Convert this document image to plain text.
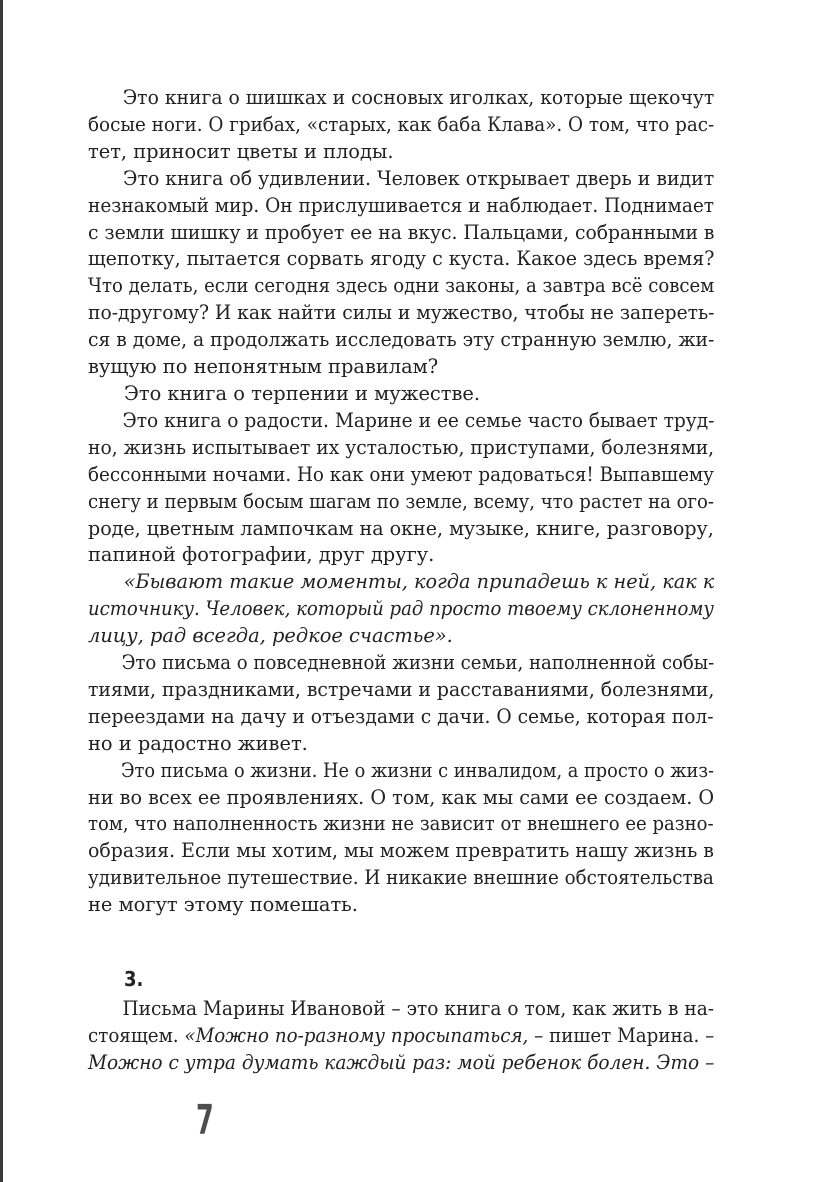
Это книга о шишках и сосновых иголках, которые щекочут
босые ноги. О грибах, «старых, как баба Клава». О том, что рас-
тет, приносит цветы и плоды.

Это книга об удивлении. Человек открывает дверь и видит
незнакомый мир. Он прислушивается и наблюдает. Поднимает
с земли шишку и пробует ее на вкус. Пальцами, собранными в
щепотку, пытается сорвать ягоду с куста. Какое здесь время?
Что делать, если сегодня здесь одни законы, а завтра всё совсем
по-другому? И как найти силы и мужество, чтобы не запереть-
ся в доме, а продолжать исследовать эту странную землю, жи-
вущую по непонятным правилам?

Это книга о терпении и мужестве.

Это книга о радости. Марине и ее семье часто бывает труд-
но, жизнь испытывает их усталостью, приступами, болезнями,
бессонными ночами. Но как они умеют радоваться! Выпавшему
снегу и первым босым шагам по земле, всему, что растет на ого-
роде, цветным лампочкам на окне, музыке, книге, разговору,
папиной фотографии, друг другу.

«Бывают такие моменты, когда припадешь к ней, как к
источнику. Человек, который рад просто твоему склоненному
лицу, рад всегда, редкое счастье».

Это письма о повседневной жизни семьи, наполненной собы-
тиями, праздниками, встречами и расставаниями, болезнями,
переездами на дачу и отъездами с дачи. О семье, которая пол-
но и радостно живет.

Это письма о жизни. Не о жизни с инвалидом, а просто о жиз-
ни во всех ее проявлениях. О том, как мы сами ее создаем. О
том, что наполненность жизни не зависит от внешнего ее разно-
образия. Если мы хотим, мы можем превратить нашу жизнь в
удивительное путешествие. И никакие внешние обстоятельства
не могут этому помешать.

3.

Письма Марины Ивановой – это книга о том, как жить в на-
стоящем. «Можно по-разному просыпаться, – пишет Марина. –
Можно с утра думать каждый раз: мой ребенок болен. Это –

7
